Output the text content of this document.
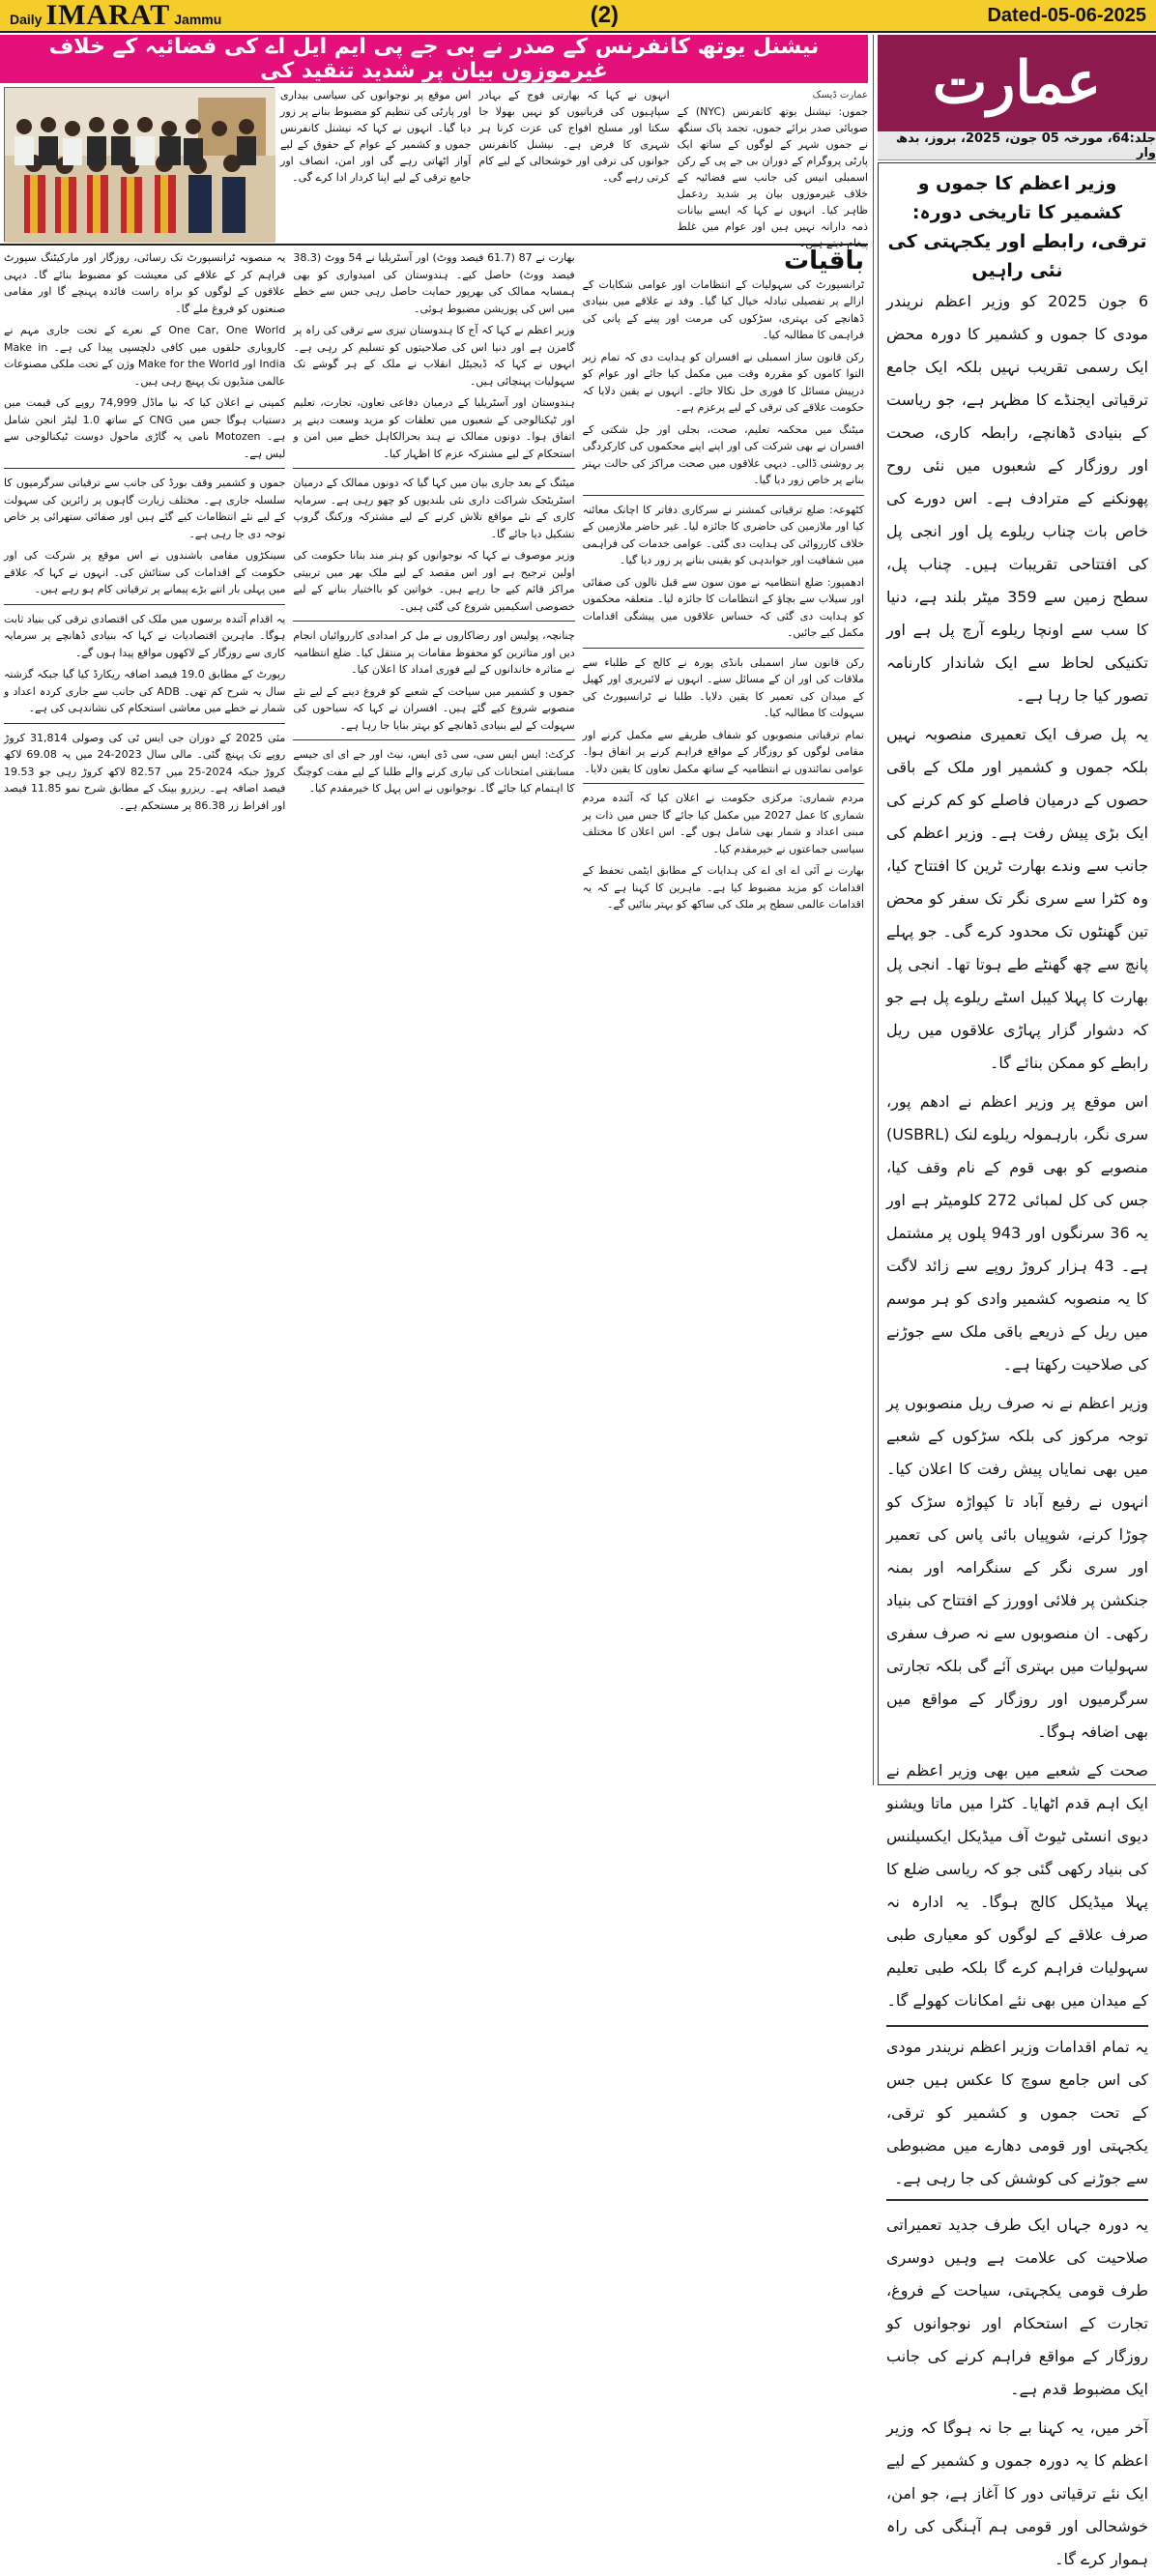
Daily IMARAT Jammu	(2)	Dated-05-06-2025
نیشنل یوتھ کانفرنس کے صدر نے بی جے پی ایم ایل اے کی فضائیہ کے خلاف غیرموزوں بیان پر شدید تنقید کی	عمارت
جلد:64، مورخہ 05 جون، 2025، بروز، بدھ وار
عمارت ڈیسک
جموں: نیشنل یوتھ کانفرنس (NYC) کے صوبائی صدر برائے جموں، تجمد پاک سنگھ نے جموں شہر کے لوگوں کے ساتھ ایک پارٹی پروگرام کے دوران بی جے پی کے رکن اسمبلی انیس کی جانب سے فضائیہ کے خلاف غیرموزوں بیان پر شدید ردعمل ظاہر کیا۔ انہوں نے کہا کہ ایسے بیانات ذمہ دارانہ نہیں ہیں اور عوام میں غلط
انہوں نے کہا کہ بھارتی فوج کے بہادر سپاہیوں کی قربانیوں کو نہیں بھولا جا سکتا اور مسلح افواج کی عزت کرنا ہر شہری کا فرض ہے۔ نیشنل کانفرنس جوانوں کی ترقی اور خوشحالی کے لیے کام کرتی رہے گی۔
اس موقع پر نوجوانوں کی سیاسی بیداری اور پارٹی کی تنظیم کو مضبوط بنانے پر زور دیا گیا۔ انہوں نے کہا کہ نیشنل کانفرنس جموں و کشمیر کے عوام کے حقوق کے لیے آواز اٹھاتی رہے گی اور امن، انصاف اور جامع ترقی کے لیے اپنا کردار ادا کرے گی۔
باقیات

ٹرانسپورٹ کی سہولیات کے انتظامات اور عوامی شکایات کے ازالے پر تفصیلی تبادلہ خیال کیا گیا۔ وفد نے علاقے میں بنیادی ڈھانچے کی بہتری، سڑکوں کی مرمت اور پینے کے پانی کی فراہمی کا مطالبہ کیا۔

رکن قانون ساز اسمبلی نے افسران کو ہدایت دی کہ تمام زیر التوا کاموں کو مقررہ وقت میں مکمل کیا جائے اور عوام کو درپیش مسائل کا فوری حل نکالا جائے۔ انہوں نے یقین دلایا کہ حکومت علاقے کی ترقی کے لیے پرعزم ہے۔

میٹنگ میں محکمہ تعلیم، صحت، بجلی اور جل شکتی کے افسران نے بھی شرکت کی اور اپنے اپنے محکموں کی کارکردگی پر روشنی ڈالی۔ دیہی علاقوں میں صحت مراکز کی حالت بہتر بنانے پر خاص زور دیا گیا۔

کٹھوعہ: ضلع ترقیاتی کمشنر نے سرکاری دفاتر کا اچانک معائنہ کیا اور ملازمین کی حاضری کا جائزہ لیا۔ غیر حاضر ملازمین کے خلاف کارروائی کی ہدایت دی گئی۔ عوامی خدمات کی فراہمی میں شفافیت اور جوابدہی کو یقینی بنانے پر زور دیا گیا۔

ادھمپور: ضلع انتظامیہ نے مون سون سے قبل نالوں کی صفائی اور سیلاب سے بچاؤ کے انتظامات کا جائزہ لیا۔ متعلقہ محکموں کو ہدایت دی گئی کہ حساس علاقوں میں پیشگی اقدامات مکمل کیے جائیں۔

رکن قانون ساز اسمبلی بانڈی پورہ نے کالج کے طلباء سے ملاقات کی اور ان کے مسائل سنے۔ انہوں نے لائبریری اور کھیل کے میدان کی تعمیر کا یقین دلایا۔ طلبا نے ٹرانسپورٹ کی سہولت کا مطالبہ کیا۔

تمام ترقیاتی منصوبوں کو شفاف طریقے سے مکمل کرنے اور مقامی لوگوں کو روزگار کے مواقع فراہم کرنے پر اتفاق ہوا۔ عوامی نمائندوں نے انتظامیہ کے ساتھ مکمل تعاون کا یقین دلایا۔

مردم شماری: مرکزی حکومت نے اعلان کیا کہ آئندہ مردم شماری کا عمل 2027 میں مکمل کیا جائے گا جس میں ذات پر مبنی اعداد و شمار بھی شامل ہوں گے۔ اس اعلان کا مختلف سیاسی جماعتوں نے خیرمقدم کیا۔

بھارت نے آئی اے ای اے کی ہدایات کے مطابق ایٹمی تحفظ کے اقدامات کو مزید مضبوط کیا ہے۔ ماہرین کا کہنا ہے کہ یہ اقدامات عالمی سطح پر ملک کی ساکھ کو بہتر بنائیں گے۔

بھارت نے 87 (61.7 فیصد ووٹ) اور آسٹریلیا نے 54 ووٹ (38.3 فیصد ووٹ) حاصل کیے۔ ہندوستان کی امیدواری کو بھی ہمسایہ ممالک کی بھرپور حمایت حاصل رہی جس سے خطے میں اس کی پوزیشن مضبوط ہوئی۔

وزیر اعظم نے کہا کہ آج کا ہندوستان تیزی سے ترقی کی راہ پر گامزن ہے اور دنیا اس کی صلاحیتوں کو تسلیم کر رہی ہے۔ انہوں نے کہا کہ ڈیجیٹل انقلاب نے ملک کے ہر گوشے تک سہولیات پہنچائی ہیں۔

ہندوستان اور آسٹریلیا کے درمیان دفاعی تعاون، تجارت، تعلیم اور ٹیکنالوجی کے شعبوں میں تعلقات کو مزید وسعت دینے پر اتفاق ہوا۔ دونوں ممالک نے ہند بحرالکاہل خطے میں امن و استحکام کے لیے مشترکہ عزم کا اظہار کیا۔

میٹنگ کے بعد جاری بیان میں کہا گیا کہ دونوں ممالک کے درمیان اسٹریٹجک شراکت داری نئی بلندیوں کو چھو رہی ہے۔ سرمایہ کاری کے نئے مواقع تلاش کرنے کے لیے مشترکہ ورکنگ گروپ تشکیل دیا جائے گا۔

وزیر موصوف نے کہا کہ نوجوانوں کو ہنر مند بنانا حکومت کی اولین ترجیح ہے اور اس مقصد کے لیے ملک بھر میں تربیتی مراکز قائم کیے جا رہے ہیں۔ خواتین کو بااختیار بنانے کے لیے خصوصی اسکیمیں شروع کی گئی ہیں۔

چنانچہ، پولیس اور رضاکاروں نے مل کر امدادی کارروائیاں انجام دیں اور متاثرین کو محفوظ مقامات پر منتقل کیا۔ ضلع انتظامیہ نے متاثرہ خاندانوں کے لیے فوری امداد کا اعلان کیا۔

جموں و کشمیر میں سیاحت کے شعبے کو فروغ دینے کے لیے نئے منصوبے شروع کیے گئے ہیں۔ افسران نے کہا کہ سیاحوں کی سہولت کے لیے بنیادی ڈھانچے کو بہتر بنایا جا رہا ہے۔

کرکٹ: ایس ایس سی، سی ڈی ایس، نیٹ اور جے ای ای جیسے مسابقتی امتحانات کی تیاری کرنے والے طلبا کے لیے مفت کوچنگ کا اہتمام کیا جائے گا۔ نوجوانوں نے اس پہل کا خیرمقدم کیا۔

یہ منصوبہ ٹرانسپورٹ تک رسائی، روزگار اور مارکیٹنگ سپورٹ فراہم کر کے علاقے کی معیشت کو مضبوط بنائے گا۔ دیہی علاقوں کے لوگوں کو براہ راست فائدہ پہنچے گا اور مقامی صنعتوں کو فروغ ملے گا۔

One Car, One World کے نعرے کے تحت جاری مہم نے کاروباری حلقوں میں کافی دلچسپی پیدا کی ہے۔ Make in India اور Make for the World وژن کے تحت ملکی مصنوعات عالمی منڈیوں تک پہنچ رہی ہیں۔

کمپنی نے اعلان کیا کہ نیا ماڈل 74,999 روپے کی قیمت میں دستیاب ہوگا جس میں CNG کے ساتھ 1.0 لیٹر انجن شامل ہے۔ Motozen نامی یہ گاڑی ماحول دوست ٹیکنالوجی سے لیس ہے۔

جموں و کشمیر وقف بورڈ کی جانب سے ترقیاتی سرگرمیوں کا سلسلہ جاری ہے۔ مختلف زیارت گاہوں پر زائرین کی سہولت کے لیے نئے انتظامات کیے گئے ہیں اور صفائی ستھرائی پر خاص توجہ دی جا رہی ہے۔

سینکڑوں مقامی باشندوں نے اس موقع پر شرکت کی اور حکومت کے اقدامات کی ستائش کی۔ انہوں نے کہا کہ علاقے میں پہلی بار اتنے بڑے پیمانے پر ترقیاتی کام ہو رہے ہیں۔

یہ اقدام آئندہ برسوں میں ملک کی اقتصادی ترقی کی بنیاد ثابت ہوگا۔ ماہرین اقتصادیات نے کہا کہ بنیادی ڈھانچے پر سرمایہ کاری سے روزگار کے لاکھوں مواقع پیدا ہوں گے۔

رپورٹ کے مطابق 19.0 فیصد اضافہ ریکارڈ کیا گیا جبکہ گزشتہ سال یہ شرح کم تھی۔ ADB کی جانب سے جاری کردہ اعداد و شمار نے خطے میں معاشی استحکام کی نشاندہی کی ہے۔

مئی 2025 کے دوران جی ایس ٹی کی وصولی 31,814 کروڑ روپے تک پہنچ گئی۔ مالی سال 2023-24 میں یہ 69.08 لاکھ کروڑ جبکہ 2024-25 میں 82.57 لاکھ کروڑ رہی جو 19.53 فیصد اضافہ ہے۔ ریزرو بینک کے مطابق شرح نمو 11.85 فیصد اور افراط زر 86.38 پر مستحکم ہے۔

وزیر اعظم کا جموں و کشمیر کا تاریخی دورہ: ترقی، رابطے اور یکجہتی کی نئی راہیں

6 جون 2025 کو وزیر اعظم نریندر مودی کا جموں و کشمیر کا دورہ محض ایک رسمی تقریب نہیں بلکہ ایک جامع ترقیاتی ایجنڈے کا مظہر ہے، جو ریاست کے بنیادی ڈھانچے، رابطہ کاری، صحت اور روزگار کے شعبوں میں نئی روح پھونکنے کے مترادف ہے۔ اس دورے کی خاص بات چناب ریلوے پل اور انجی پل کی افتتاحی تقریبات ہیں۔ چناب پل، سطح زمین سے 359 میٹر بلند ہے، دنیا کا سب سے اونچا ریلوے آرچ پل ہے اور تکنیکی لحاظ سے ایک شاندار کارنامہ تصور کیا جا رہا ہے۔

یہ پل صرف ایک تعمیری منصوبہ نہیں بلکہ جموں و کشمیر اور ملک کے باقی حصوں کے درمیان فاصلے کو کم کرنے کی ایک بڑی پیش رفت ہے۔ وزیر اعظم کی جانب سے وندے بھارت ٹرین کا افتتاح کیا، وہ کٹرا سے سری نگر تک سفر کو محض تین گھنٹوں تک محدود کرے گی۔ جو پہلے پانچ سے چھ گھنٹے طے ہوتا تھا۔ انجی پل بھارت کا پہلا کیبل اسٹے ریلوے پل ہے جو کہ دشوار گزار پہاڑی علاقوں میں ریل رابطے کو ممکن بنائے گا۔

اس موقع پر وزیر اعظم نے ادھم پور، سری نگر، بارہمولہ ریلوے لنک (USBRL) منصوبے کو بھی قوم کے نام وقف کیا، جس کی کل لمبائی 272 کلومیٹر ہے اور یہ 36 سرنگوں اور 943 پلوں پر مشتمل ہے۔ 43 ہزار کروڑ روپے سے زائد لاگت کا یہ منصوبہ کشمیر وادی کو ہر موسم میں ریل کے ذریعے باقی ملک سے جوڑنے کی صلاحیت رکھتا ہے۔

وزیر اعظم نے نہ صرف ریل منصوبوں پر توجہ مرکوز کی بلکہ سڑکوں کے شعبے میں بھی نمایاں پیش رفت کا اعلان کیا۔ انہوں نے رفیع آباد تا کپواڑہ سڑک کو چوڑا کرنے، شوپیاں بائی پاس کی تعمیر اور سری نگر کے سنگرامہ اور بمنہ جنکشن پر فلائی اوورز کے افتتاح کی بنیاد رکھی۔ ان منصوبوں سے نہ صرف سفری سہولیات میں بہتری آئے گی بلکہ تجارتی سرگرمیوں اور روزگار کے مواقع میں بھی اضافہ ہوگا۔

صحت کے شعبے میں بھی وزیر اعظم نے ایک اہم قدم اٹھایا۔ کٹرا میں ماتا ویشنو دیوی انسٹی ٹیوٹ آف میڈیکل ایکسیلنس کی بنیاد رکھی گئی جو کہ ریاسی ضلع کا پہلا میڈیکل کالج ہوگا۔ یہ ادارہ نہ صرف علاقے کے لوگوں کو معیاری طبی سہولیات فراہم کرے گا بلکہ طبی تعلیم کے میدان میں بھی نئے امکانات کھولے گا۔

یہ تمام اقدامات وزیر اعظم نریندر مودی کی اس جامع سوچ کا عکس ہیں جس کے تحت جموں و کشمیر کو ترقی، یکجہتی اور قومی دھارے میں مضبوطی سے جوڑنے کی کوشش کی جا رہی ہے۔

یہ دورہ جہاں ایک طرف جدید تعمیراتی صلاحیت کی علامت ہے وہیں دوسری طرف قومی یکجہتی، سیاحت کے فروغ، تجارت کے استحکام اور نوجوانوں کو روزگار کے مواقع فراہم کرنے کی جانب ایک مضبوط قدم ہے۔

آخر میں، یہ کہنا بے جا نہ ہوگا کہ وزیر اعظم کا یہ دورہ جموں و کشمیر کے لیے ایک نئے ترقیاتی دور کا آغاز ہے، جو امن، خوشحالی اور قومی ہم آہنگی کی راہ ہموار کرے گا۔
